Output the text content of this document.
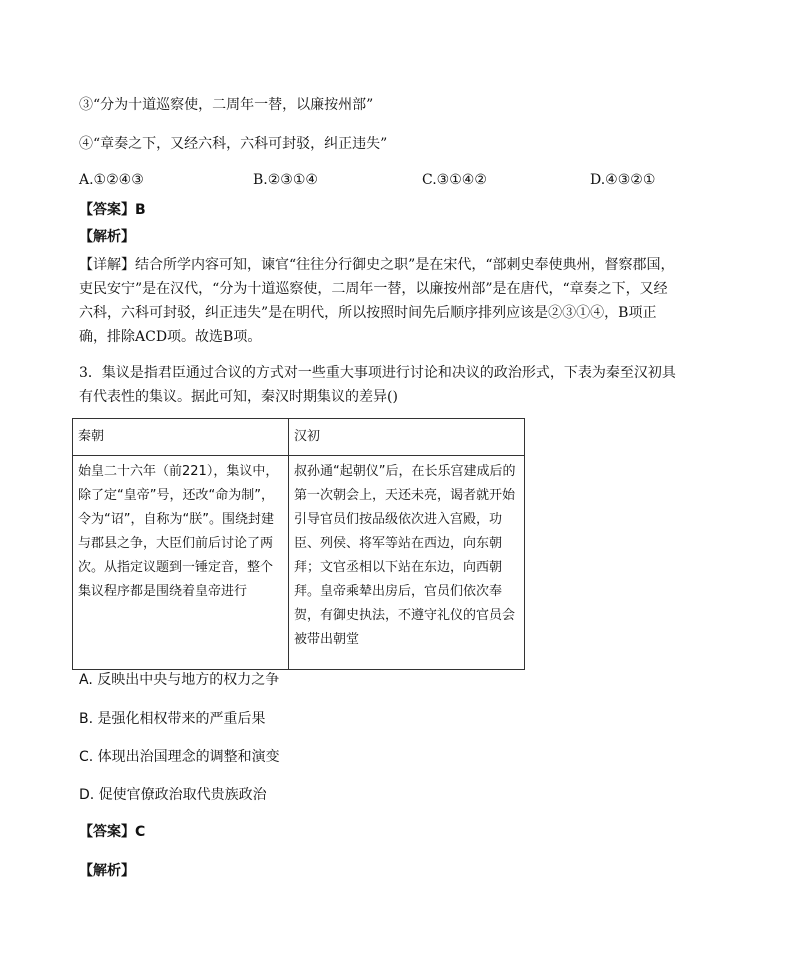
③“分为十道巡察使，二周年一替，以廉按州部”
④“章奏之下，又经六科，六科可封驳，纠正违失”
A.①②④③	B.②③①④	C.③①④②	D.④③②①
【答案】B
【解析】
【详解】结合所学内容可知，谏官“往往分行御史之职”是在宋代，“部刺史奉使典州，督察郡国，吏民安宁”是在汉代，“分为十道巡察使，二周年一替，以廉按州部”是在唐代，“章奏之下，又经六科，六科可封驳，纠正违失”是在明代，所以按照时间先后顺序排列应该是②③①④，B项正确，排除ACD项。故选B项。
3．集议是指君臣通过合议的方式对一些重大事项进行讨论和决议的政治形式，下表为秦至汉初具有代表性的集议。据此可知，秦汉时期集议的差异()
秦朝	汉初
始皇二十六年（前221），集议中，除了定“皇帝”号，还改“命为制”，令为“诏”，自称为“朕”。围绕封建与郡县之争，大臣们前后讨论了两次。从指定议题到一锤定音，整个集议程序都是围绕着皇帝进行	叔孙通“起朝仪”后，在长乐宫建成后的第一次朝会上，天还未亮，谒者就开始引导官员们按品级依次进入宫殿，功臣、列侯、将军等站在西边，向东朝拜；文官丞相以下站在东边，向西朝拜。皇帝乘辇出房后，官员们依次奉贺，有御史执法，不遵守礼仪的官员会被带出朝堂
A. 反映出中央与地方的权力之争
B. 是强化相权带来的严重后果
C. 体现出治国理念的调整和演变
D. 促使官僚政治取代贵族政治
【答案】C
【解析】
